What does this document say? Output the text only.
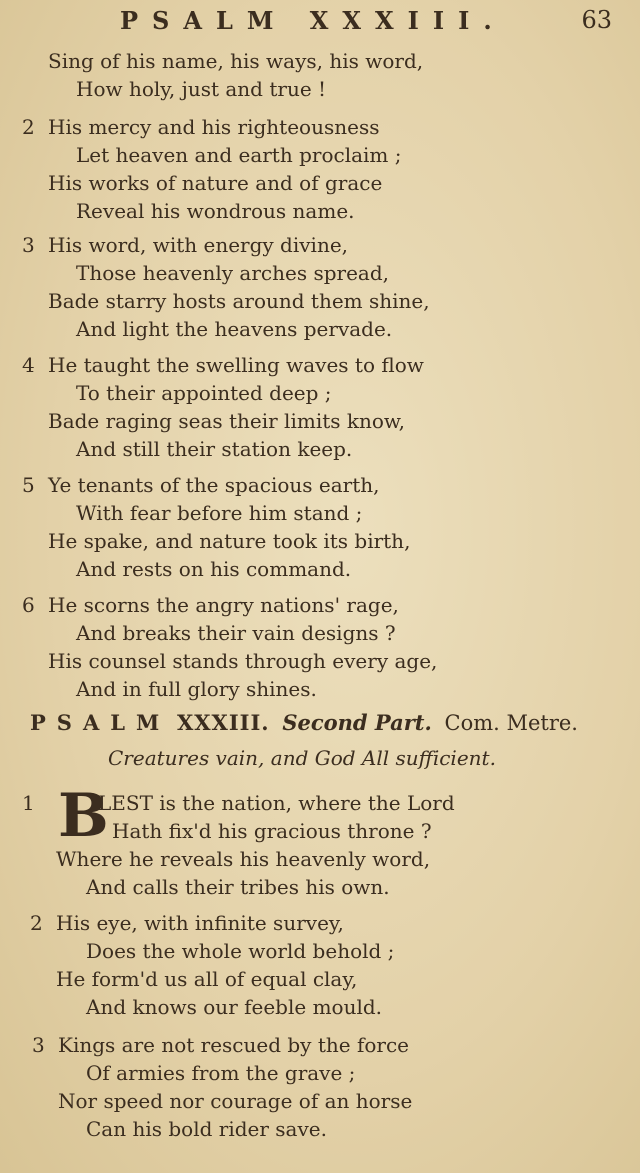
PSALM XXXIII.	63
Sing of his name, his ways, his word,
How holy, just and true !
2 His mercy and his righteousness
Let heaven and earth proclaim ;
His works of nature and of grace
Reveal his wondrous name.
3 His word, with energy divine,
Those heavenly arches spread,
Bade starry hosts around them shine,
And light the heavens pervade.
4 He taught the swelling waves to flow
To their appointed deep ;
Bade raging seas their limits know,
And still their station keep.
5 Ye tenants of the spacious earth,
With fear before him stand ;
He spake, and nature took its birth,
And rests on his command.
6 He scorns the angry nations' rage,
And breaks their vain designs ?
His counsel stands through every age,
And in full glory shines.
PSALM XXXIII. Second Part. Com. Metre.
Creatures vain, and God All sufficient.
1 B
LEST is the nation, where the Lord
Hath fix'd his gracious throne ?
Where he reveals his heavenly word,
And calls their tribes his own.
2 His eye, with infinite survey,
Does the whole world behold ;
He form'd us all of equal clay,
And knows our feeble mould.
3 Kings are not rescued by the force
Of armies from the grave ;
Nor speed nor courage of an horse
Can his bold rider save.
